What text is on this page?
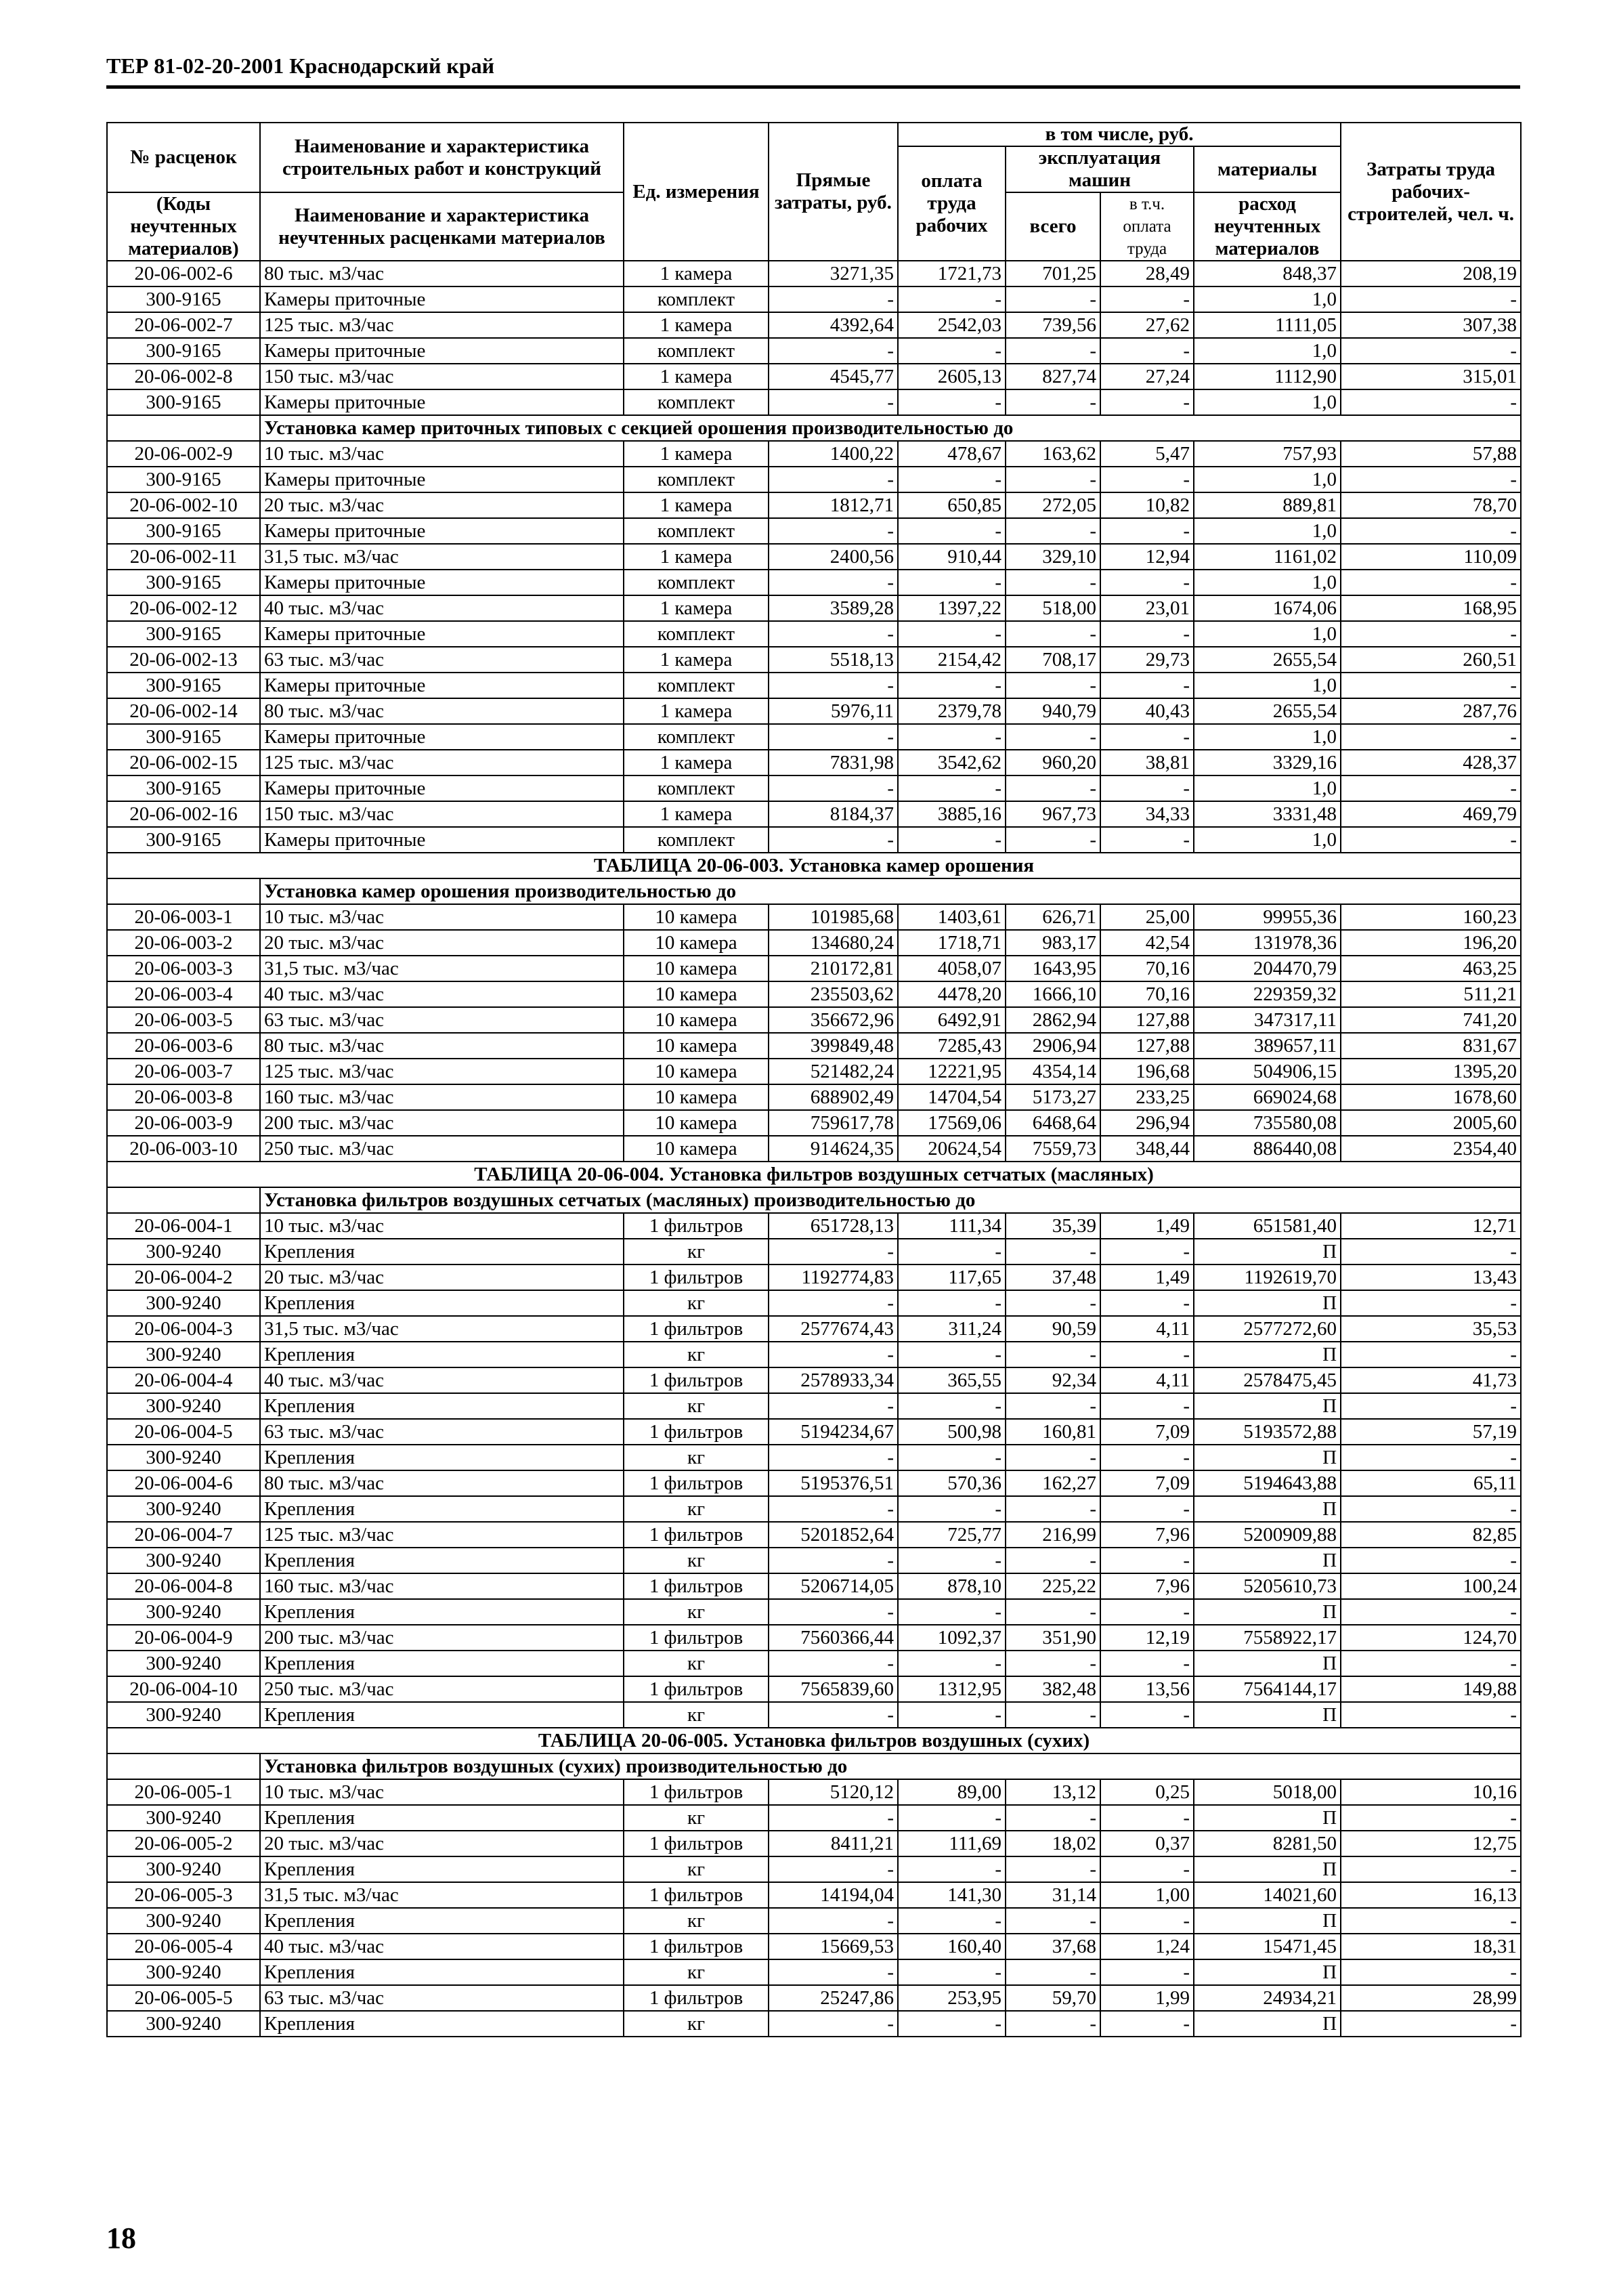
ТЕР 81-02-20-2001 Краснодарский край
№ расценок	Наименование и характеристика строительных работ и конструкций	Ед. измерения	Прямые затраты, руб.	в том числе, руб.				Затраты труда рабочих-строителей, чел. ч.
				оплата труда рабочих	эксплуатация машин		материалы	

(Коды неучтенных материалов)	Наименование и характеристика неучтенных расценками материалов				всего	в т.ч. оплата труда	расход неучтенных материалов	

20-06-002-6	80 тыс. м3/час	1 камера	3271,35	1721,73	701,25	28,49	848,37	208,19
300-9165	Камеры приточные	комплект	-	-	-	-	1,0	-
20-06-002-7	125 тыс. м3/час	1 камера	4392,64	2542,03	739,56	27,62	1111,05	307,38
300-9165	Камеры приточные	комплект	-	-	-	-	1,0	-
20-06-002-8	150 тыс. м3/час	1 камера	4545,77	2605,13	827,74	27,24	1112,90	315,01
300-9165	Камеры приточные	комплект	-	-	-	-	1,0	-
	Установка камер приточных типовых с секцией орошения производительностью до							
20-06-002-9	10 тыс. м3/час	1 камера	1400,22	478,67	163,62	5,47	757,93	57,88
300-9165	Камеры приточные	комплект	-	-	-	-	1,0	-
20-06-002-10	20 тыс. м3/час	1 камера	1812,71	650,85	272,05	10,82	889,81	78,70
300-9165	Камеры приточные	комплект	-	-	-	-	1,0	-
20-06-002-11	31,5 тыс. м3/час	1 камера	2400,56	910,44	329,10	12,94	1161,02	110,09
300-9165	Камеры приточные	комплект	-	-	-	-	1,0	-
20-06-002-12	40 тыс. м3/час	1 камера	3589,28	1397,22	518,00	23,01	1674,06	168,95
300-9165	Камеры приточные	комплект	-	-	-	-	1,0	-
20-06-002-13	63 тыс. м3/час	1 камера	5518,13	2154,42	708,17	29,73	2655,54	260,51
300-9165	Камеры приточные	комплект	-	-	-	-	1,0	-
20-06-002-14	80 тыс. м3/час	1 камера	5976,11	2379,78	940,79	40,43	2655,54	287,76
300-9165	Камеры приточные	комплект	-	-	-	-	1,0	-
20-06-002-15	125 тыс. м3/час	1 камера	7831,98	3542,62	960,20	38,81	3329,16	428,37
300-9165	Камеры приточные	комплект	-	-	-	-	1,0	-
20-06-002-16	150 тыс. м3/час	1 камера	8184,37	3885,16	967,73	34,33	3331,48	469,79
300-9165	Камеры приточные	комплект	-	-	-	-	1,0	-
ТАБЛИЦА 20-06-003. Установка камер орошения								
	Установка камер орошения производительностью до							
20-06-003-1	10 тыс. м3/час	10 камера	101985,68	1403,61	626,71	25,00	99955,36	160,23
20-06-003-2	20 тыс. м3/час	10 камера	134680,24	1718,71	983,17	42,54	131978,36	196,20
20-06-003-3	31,5 тыс. м3/час	10 камера	210172,81	4058,07	1643,95	70,16	204470,79	463,25
20-06-003-4	40 тыс. м3/час	10 камера	235503,62	4478,20	1666,10	70,16	229359,32	511,21
20-06-003-5	63 тыс. м3/час	10 камера	356672,96	6492,91	2862,94	127,88	347317,11	741,20
20-06-003-6	80 тыс. м3/час	10 камера	399849,48	7285,43	2906,94	127,88	389657,11	831,67
20-06-003-7	125 тыс. м3/час	10 камера	521482,24	12221,95	4354,14	196,68	504906,15	1395,20
20-06-003-8	160 тыс. м3/час	10 камера	688902,49	14704,54	5173,27	233,25	669024,68	1678,60
20-06-003-9	200 тыс. м3/час	10 камера	759617,78	17569,06	6468,64	296,94	735580,08	2005,60
20-06-003-10	250 тыс. м3/час	10 камера	914624,35	20624,54	7559,73	348,44	886440,08	2354,40
ТАБЛИЦА 20-06-004. Установка фильтров воздушных сетчатых (масляных)								
	Установка фильтров воздушных сетчатых (масляных) производительностью до							
20-06-004-1	10 тыс. м3/час	1 фильтров	651728,13	111,34	35,39	1,49	651581,40	12,71
300-9240	Крепления	кг	-	-	-	-	П	-
20-06-004-2	20 тыс. м3/час	1 фильтров	1192774,83	117,65	37,48	1,49	1192619,70	13,43
300-9240	Крепления	кг	-	-	-	-	П	-
20-06-004-3	31,5 тыс. м3/час	1 фильтров	2577674,43	311,24	90,59	4,11	2577272,60	35,53
300-9240	Крепления	кг	-	-	-	-	П	-
20-06-004-4	40 тыс. м3/час	1 фильтров	2578933,34	365,55	92,34	4,11	2578475,45	41,73
300-9240	Крепления	кг	-	-	-	-	П	-
20-06-004-5	63 тыс. м3/час	1 фильтров	5194234,67	500,98	160,81	7,09	5193572,88	57,19
300-9240	Крепления	кг	-	-	-	-	П	-
20-06-004-6	80 тыс. м3/час	1 фильтров	5195376,51	570,36	162,27	7,09	5194643,88	65,11
300-9240	Крепления	кг	-	-	-	-	П	-
20-06-004-7	125 тыс. м3/час	1 фильтров	5201852,64	725,77	216,99	7,96	5200909,88	82,85
300-9240	Крепления	кг	-	-	-	-	П	-
20-06-004-8	160 тыс. м3/час	1 фильтров	5206714,05	878,10	225,22	7,96	5205610,73	100,24
300-9240	Крепления	кг	-	-	-	-	П	-
20-06-004-9	200 тыс. м3/час	1 фильтров	7560366,44	1092,37	351,90	12,19	7558922,17	124,70
300-9240	Крепления	кг	-	-	-	-	П	-
20-06-004-10	250 тыс. м3/час	1 фильтров	7565839,60	1312,95	382,48	13,56	7564144,17	149,88
300-9240	Крепления	кг	-	-	-	-	П	-
ТАБЛИЦА 20-06-005. Установка фильтров воздушных (сухих)								
	Установка фильтров воздушных (сухих) производительностью до							
20-06-005-1	10 тыс. м3/час	1 фильтров	5120,12	89,00	13,12	0,25	5018,00	10,16
300-9240	Крепления	кг	-	-	-	-	П	-
20-06-005-2	20 тыс. м3/час	1 фильтров	8411,21	111,69	18,02	0,37	8281,50	12,75
300-9240	Крепления	кг	-	-	-	-	П	-
20-06-005-3	31,5 тыс. м3/час	1 фильтров	14194,04	141,30	31,14	1,00	14021,60	16,13
300-9240	Крепления	кг	-	-	-	-	П	-
20-06-005-4	40 тыс. м3/час	1 фильтров	15669,53	160,40	37,68	1,24	15471,45	18,31
300-9240	Крепления	кг	-	-	-	-	П	-
20-06-005-5	63 тыс. м3/час	1 фильтров	25247,86	253,95	59,70	1,99	24934,21	28,99
300-9240	Крепления	кг	-	-	-	-	П	-
18
